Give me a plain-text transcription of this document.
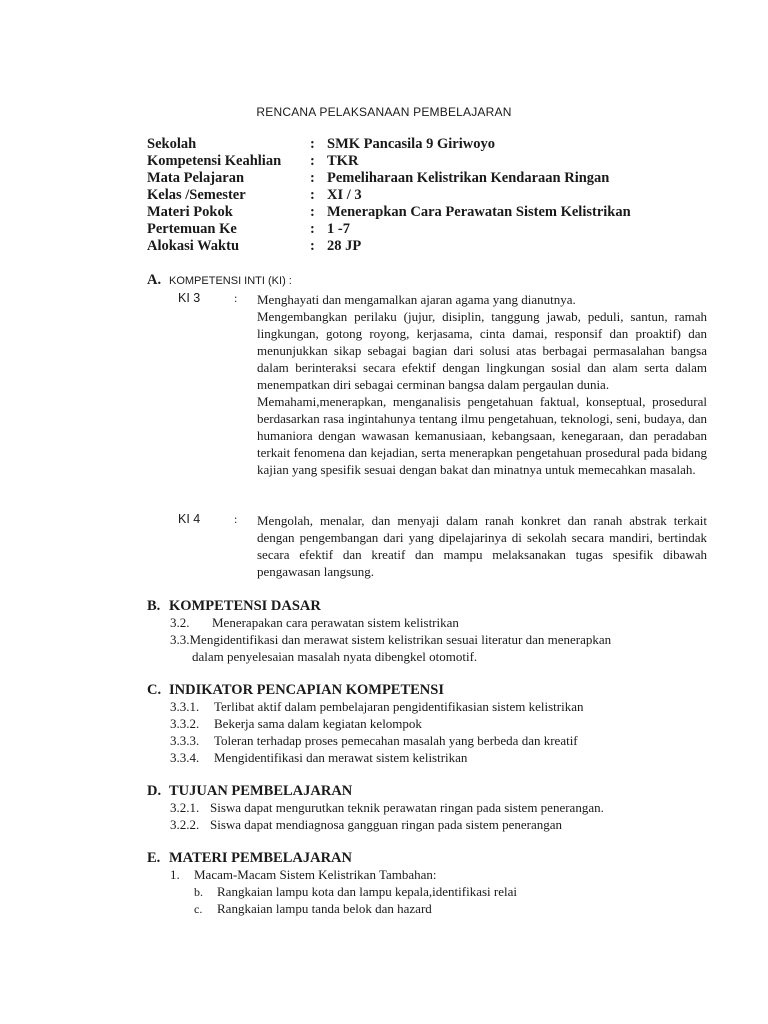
RENCANA PELAKSANAAN PEMBELAJARAN
Sekolah	: SMK Pancasila 9 Giriwoyo
Kompetensi Keahlian	: TKR
Mata Pelajaran	: Pemeliharaan Kelistrikan Kendaraan Ringan
Kelas /Semester	: XI / 3
Materi Pokok	: Menerapkan Cara Perawatan Sistem Kelistrikan
Pertemuan Ke	: 1 -7
Alokasi Waktu	: 28 JP
A. KOMPETENSI INTI (KI) :
KI 3	: Menghayati dan mengamalkan ajaran agama yang dianutnya.

Mengembangkan perilaku (jujur, disiplin, tanggung jawab, peduli, santun, ramah lingkungan, gotong royong, kerjasama, cinta damai, responsif dan proaktif) dan menunjukkan sikap sebagai bagian dari solusi atas berbagai permasalahan bangsa dalam berinteraksi secara efektif dengan lingkungan sosial dan alam serta dalam menempatkan diri sebagai cerminan bangsa dalam pergaulan dunia.

Memahami,menerapkan, menganalisis pengetahuan faktual, konseptual, prosedural berdasarkan rasa ingintahunya tentang ilmu pengetahuan, teknologi, seni, budaya, dan humaniora dengan wawasan kemanusiaan, kebangsaan, kenegaraan, dan peradaban terkait fenomena dan kejadian, serta menerapkan pengetahuan prosedural pada bidang kajian yang spesifik sesuai dengan bakat dan minatnya untuk memecahkan masalah.

KI 4	: Mengolah, menalar, dan menyaji dalam ranah konkret dan ranah abstrak terkait dengan pengembangan dari yang dipelajarinya di sekolah secara mandiri, bertindak secara efektif dan kreatif dan mampu melaksanakan tugas spesifik dibawah pengawasan langsung.

B. KOMPETENSI DASAR
3.2. Menerapakan cara perawatan sistem kelistrikan
3.3.Mengidentifikasi dan merawat sistem kelistrikan sesuai literatur dan menerapkan
dalam penyelesaian masalah nyata dibengkel otomotif.
C. INDIKATOR PENCAPIAN KOMPETENSI
3.3.1. Terlibat aktif dalam pembelajaran pengidentifikasian sistem kelistrikan
3.3.2. Bekerja sama dalam kegiatan kelompok
3.3.3. Toleran terhadap proses pemecahan masalah yang berbeda dan kreatif
3.3.4. Mengidentifikasi dan merawat sistem kelistrikan
D. TUJUAN PEMBELAJARAN
3.2.1. Siswa dapat mengurutkan teknik perawatan ringan pada sistem penerangan.
3.2.2. Siswa dapat mendiagnosa gangguan ringan pada sistem penerangan
E. MATERI PEMBELAJARAN
1. Macam-Macam Sistem Kelistrikan Tambahan:
b. Rangkaian lampu kota dan lampu kepala,identifikasi relai
c. Rangkaian lampu tanda belok dan hazard
